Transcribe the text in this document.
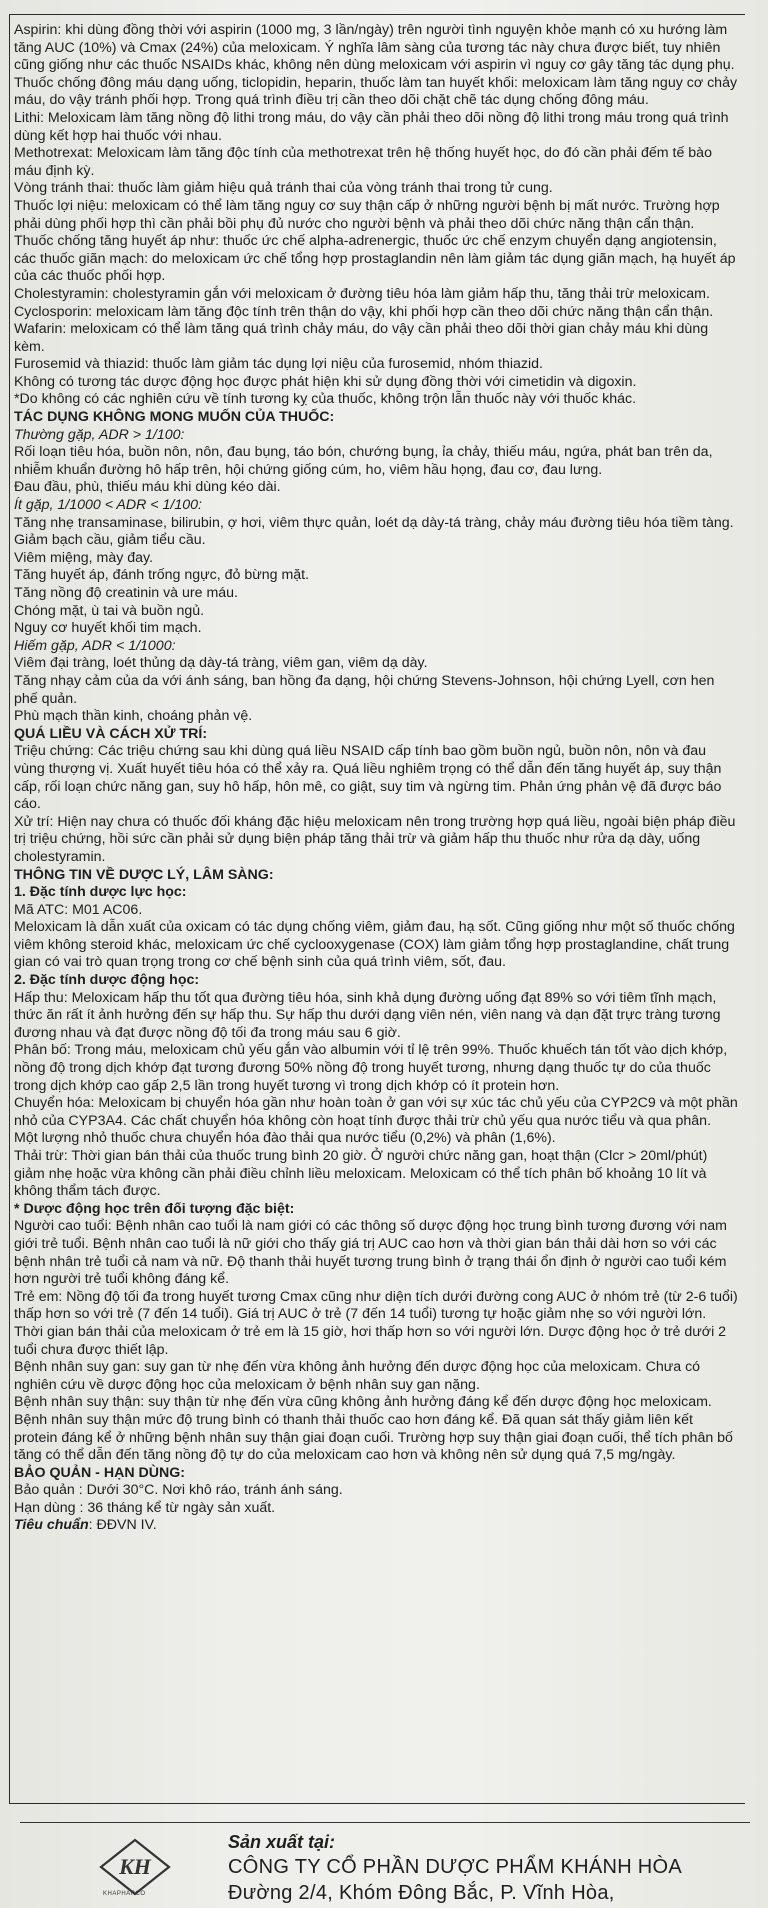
Aspirin: khi dùng đồng thời với aspirin (1000 mg, 3 lần/ngày) trên người tình nguyện khỏe mạnh có xu hướng làm tăng AUC (10%) và Cmax (24%) của meloxicam. Ý nghĩa lâm sàng của tương tác này chưa được biết, tuy nhiên cũng giống như các thuốc NSAIDs khác, không nên dùng meloxicam với aspirin vì nguy cơ gây tăng tác dụng phụ.

Thuốc chống đông máu dạng uống, ticlopidin, heparin, thuốc làm tan huyết khối: meloxicam làm tăng nguy cơ chảy máu, do vậy tránh phối hợp. Trong quá trình điều trị cần theo dõi chặt chẽ tác dụng chống đông máu.

Lithi: Meloxicam làm tăng nồng độ lithi trong máu, do vậy cần phải theo dõi nồng độ lithi trong máu trong quá trình dùng kết hợp hai thuốc với nhau.

Methotrexat: Meloxicam làm tăng độc tính của methotrexat trên hệ thống huyết học, do đó cần phải đếm tế bào máu định kỳ.

Vòng tránh thai: thuốc làm giảm hiệu quả tránh thai của vòng tránh thai trong tử cung.

Thuốc lợi niệu: meloxicam có thể làm tăng nguy cơ suy thận cấp ở những người bệnh bị mất nước. Trường hợp phải dùng phối hợp thì cần phải bồi phụ đủ nước cho người bệnh và phải theo dõi chức năng thận cẩn thận.

Thuốc chống tăng huyết áp như: thuốc ức chế alpha-adrenergic, thuốc ức chế enzym chuyển dạng angiotensin, các thuốc giãn mạch: do meloxicam ức chế tổng hợp prostaglandin nên làm giảm tác dụng giãn mạch, hạ huyết áp của các thuốc phối hợp.

Cholestyramin: cholestyramin gắn với meloxicam ở đường tiêu hóa làm giảm hấp thu, tăng thải trừ meloxicam.

Cyclosporin: meloxicam làm tăng độc tính trên thận do vậy, khi phối hợp cần theo dõi chức năng thận cẩn thận.

Wafarin: meloxicam có thể làm tăng quá trình chảy máu, do vậy cần phải theo dõi thời gian chảy máu khi dùng kèm.

Furosemid và thiazid: thuốc làm giảm tác dụng lợi niệu của furosemid, nhóm thiazid.

Không có tương tác dược động học được phát hiện khi sử dụng đồng thời với cimetidin và digoxin.

*Do không có các nghiên cứu về tính tương kỵ của thuốc, không trộn lẫn thuốc này với thuốc khác.

TÁC DỤNG KHÔNG MONG MUỐN CỦA THUỐC:

Thường gặp, ADR > 1/100:

Rối loạn tiêu hóa, buồn nôn, nôn, đau bụng, táo bón, chướng bụng, ỉa chảy, thiếu máu, ngứa, phát ban trên da, nhiễm khuẩn đường hô hấp trên, hội chứng giống cúm, ho, viêm hầu họng, đau cơ, đau lưng.

Đau đầu, phù, thiếu máu khi dùng kéo dài.

Ít gặp, 1/1000 < ADR < 1/100:

Tăng nhẹ transaminase, bilirubin, ợ hơi, viêm thực quản, loét dạ dày-tá tràng, chảy máu đường tiêu hóa tiềm tàng.

Giảm bạch cầu, giảm tiểu cầu.

Viêm miệng, mày đay.

Tăng huyết áp, đánh trống ngực, đỏ bừng mặt.

Tăng nồng độ creatinin và ure máu.

Chóng mặt, ù tai và buồn ngủ.

Nguy cơ huyết khối tim mạch.

Hiếm gặp, ADR < 1/1000:

Viêm đại tràng, loét thủng dạ dày-tá tràng, viêm gan, viêm dạ dày.

Tăng nhạy cảm của da với ánh sáng, ban hồng đa dạng, hội chứng Stevens-Johnson, hội chứng Lyell, cơn hen phế quản.

Phù mạch thần kinh, choáng phản vệ.

QUÁ LIỀU VÀ CÁCH XỬ TRÍ:

Triệu chứng: Các triệu chứng sau khi dùng quá liều NSAID cấp tính bao gồm buồn ngủ, buồn nôn, nôn và đau vùng thượng vị. Xuất huyết tiêu hóa có thể xảy ra. Quá liều nghiêm trọng có thể dẫn đến tăng huyết áp, suy thận cấp, rối loạn chức năng gan, suy hô hấp, hôn mê, co giật, suy tim và ngừng tim. Phản ứng phản vệ đã được báo cáo.

Xử trí: Hiện nay chưa có thuốc đối kháng đặc hiệu meloxicam nên trong trường hợp quá liều, ngoài biện pháp điều trị triệu chứng, hồi sức cần phải sử dụng biện pháp tăng thải trừ và giảm hấp thu thuốc như rửa dạ dày, uống cholestyramin.

THÔNG TIN VỀ DƯỢC LÝ, LÂM SÀNG:

1. Đặc tính dược lực học:

Mã ATC: M01 AC06.

Meloxicam là dẫn xuất của oxicam có tác dụng chống viêm, giảm đau, hạ sốt. Cũng giống như một số thuốc chống viêm không steroid khác, meloxicam ức chế cyclooxygenase (COX) làm giảm tổng hợp prostaglandine, chất trung gian có vai trò quan trọng trong cơ chế bệnh sinh của quá trình viêm, sốt, đau.

2. Đặc tính dược động học:

Hấp thu: Meloxicam hấp thu tốt qua đường tiêu hóa, sinh khả dụng đường uống đạt 89% so với tiêm tĩnh mạch, thức ăn rất ít ảnh hưởng đến sự hấp thu. Sự hấp thu dưới dạng viên nén, viên nang và dạn đặt trực tràng tương đương nhau và đạt được nồng độ tối đa trong máu sau 6 giờ.

Phân bố: Trong máu, meloxicam chủ yếu gắn vào albumin với tỉ lệ trên 99%. Thuốc khuếch tán tốt vào dịch khớp, nồng độ trong dịch khớp đạt tương đương 50% nồng độ trong huyết tương, nhưng dạng thuốc tự do của thuốc trong dịch khớp cao gấp 2,5 lần trong huyết tương vì trong dịch khớp có ít protein hơn.

Chuyển hóa: Meloxicam bị chuyển hóa gần như hoàn toàn ở gan với sự xúc tác chủ yếu của CYP2C9 và một phần nhỏ của CYP3A4. Các chất chuyển hóa không còn hoạt tính được thải trừ chủ yếu qua nước tiểu và qua phân. Một lượng nhỏ thuốc chưa chuyển hóa đào thải qua nước tiểu (0,2%) và phân (1,6%).

Thải trừ: Thời gian bán thải của thuốc trung bình 20 giờ. Ở người chức năng gan, hoạt thận (Clcr > 20ml/phút) giảm nhẹ hoặc vừa không cần phải điều chỉnh liều meloxicam. Meloxicam có thể tích phân bố khoảng 10 lít và không thẩm tách được.

* Dược động học trên đối tượng đặc biệt:

Người cao tuổi: Bệnh nhân cao tuổi là nam giới có các thông số dược động học trung bình tương đương với nam giới trẻ tuổi. Bệnh nhân cao tuổi là nữ giới cho thấy giá trị AUC cao hơn và thời gian bán thải dài hơn so với các bệnh nhân trẻ tuổi cả nam và nữ. Độ thanh thải huyết tương trung bình ở trạng thái ổn định ở người cao tuổi kém hơn người trẻ tuổi không đáng kể.

Trẻ em: Nồng độ tối đa trong huyết tương Cmax cũng như diện tích dưới đường cong AUC ở nhóm trẻ (từ 2-6 tuổi) thấp hơn so với trẻ (7 đến 14 tuổi). Giá trị AUC ở trẻ (7 đến 14 tuổi) tương tự hoặc giảm nhẹ so với người lớn. Thời gian bán thải của meloxicam ở trẻ em là 15 giờ, hơi thấp hơn so với người lớn. Dược động học ở trẻ dưới 2 tuổi chưa được thiết lập.

Bệnh nhân suy gan: suy gan từ nhẹ đến vừa không ảnh hưởng đến dược động học của meloxicam. Chưa có nghiên cứu về dược động học của meloxicam ở bệnh nhân suy gan nặng.

Bệnh nhân suy thận: suy thận từ nhẹ đến vừa cũng không ảnh hưởng đáng kể đến dược động học meloxicam. Bệnh nhân suy thận mức độ trung bình có thanh thải thuốc cao hơn đáng kể. Đã quan sát thấy giảm liên kết protein đáng kể ở những bệnh nhân suy thận giai đoạn cuối. Trường hợp suy thận giai đoạn cuối, thể tích phân bố tăng có thể dẫn đến tăng nồng độ tự do của meloxicam cao hơn và không nên sử dụng quá 7,5 mg/ngày.

BẢO QUẢN - HẠN DÙNG:

Bảo quản : Dưới 30°C. Nơi khô ráo, tránh ánh sáng.

Hạn dùng : 36 tháng kể từ ngày sản xuất.

Tiêu chuẩn: ĐĐVN IV.

KH
KHAPHARCO
Sản xuất tại:
CÔNG TY CỔ PHẦN DƯỢC PHẨM KHÁNH HÒA
Đường 2/4, Khóm Đông Bắc, P. Vĩnh Hòa,
